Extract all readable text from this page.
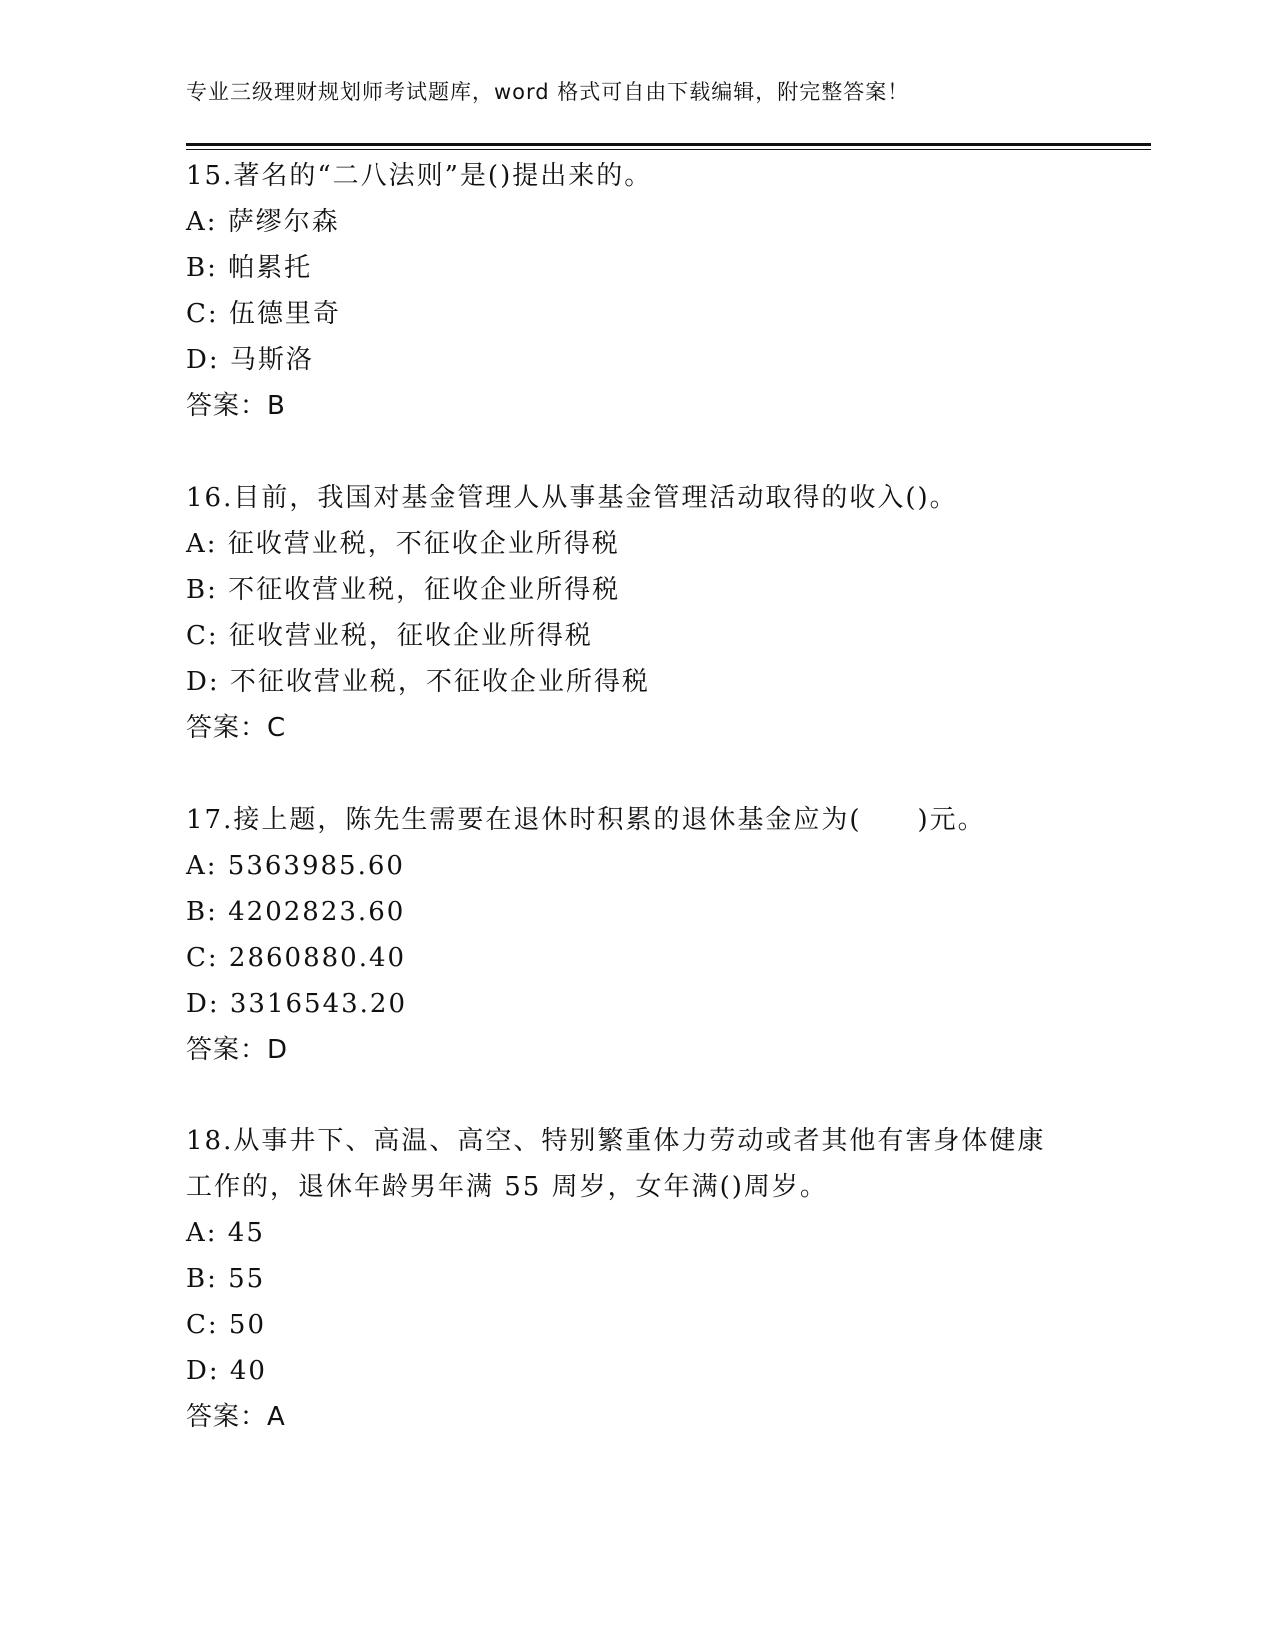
专业三级理财规划师考试题库，word 格式可自由下载编辑，附完整答案！
15.著名的“二八法则”是()提出来的。
A: 萨缪尔森
B: 帕累托
C: 伍德里奇
D: 马斯洛
答案：B
16.目前，我国对基金管理人从事基金管理活动取得的收入()。
A: 征收营业税，不征收企业所得税
B: 不征收营业税，征收企业所得税
C: 征收营业税，征收企业所得税
D: 不征收营业税，不征收企业所得税
答案：C
17.接上题，陈先生需要在退休时积累的退休基金应为(　　)元。
A: 5363985.60
B: 4202823.60
C: 2860880.40
D: 3316543.20
答案：D
18.从事井下、高温、高空、特别繁重体力劳动或者其他有害身体健康
工作的，退休年龄男年满 55 周岁，女年满()周岁。
A: 45
B: 55
C: 50
D: 40
答案：A
